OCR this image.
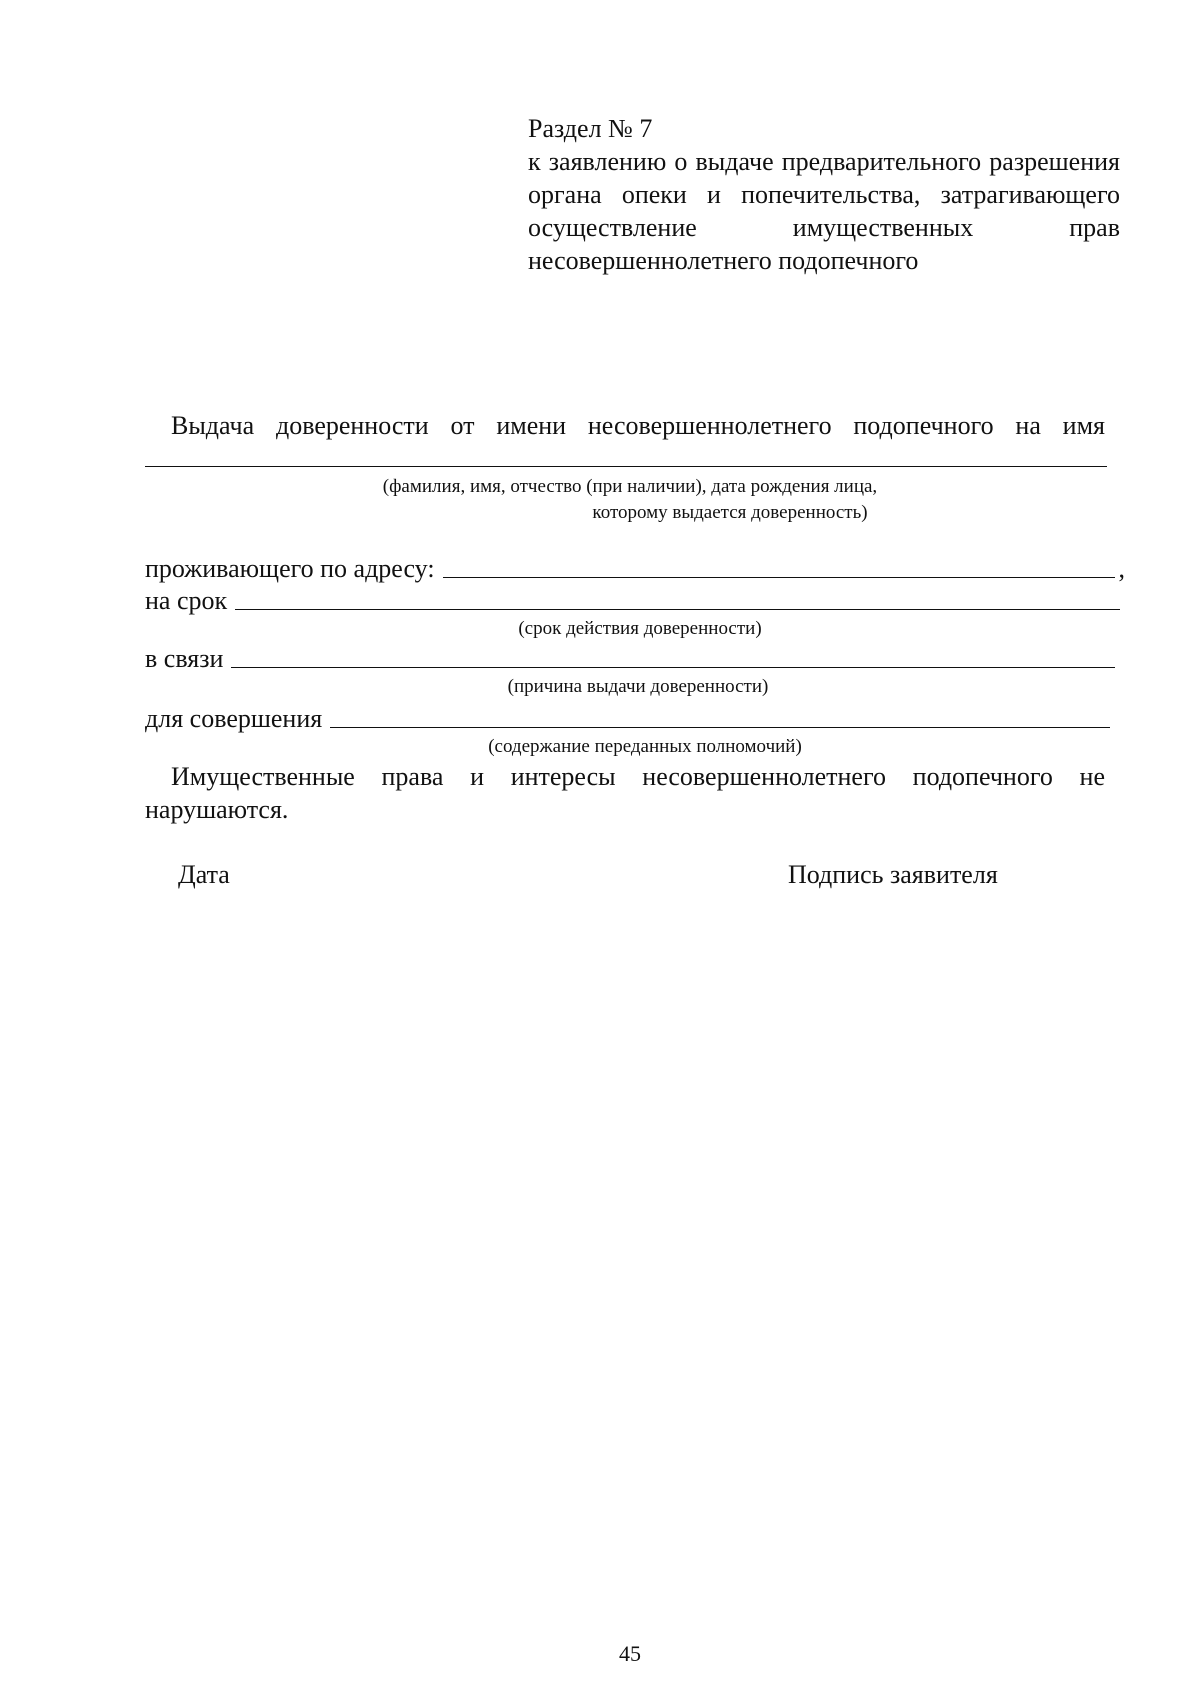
Раздел № 7
к заявлению о выдаче предварительного разрешения органа опеки и попечительства, затрагивающего осуществление имущественных прав несовершеннолетнего подопечного
Выдача доверенности от имени несовершеннолетнего подопечного на имя
(фамилия, имя, отчество (при наличии), дата рождения лица,
которому выдается доверенность)
проживающего по адресу:	,
на срок
(срок действия доверенности)
в связи
(причина выдачи доверенности)
для совершения
(содержание переданных полномочий)
Имущественные права и интересы несовершеннолетнего подопечного не нарушаются.
Дата	Подпись заявителя
45
